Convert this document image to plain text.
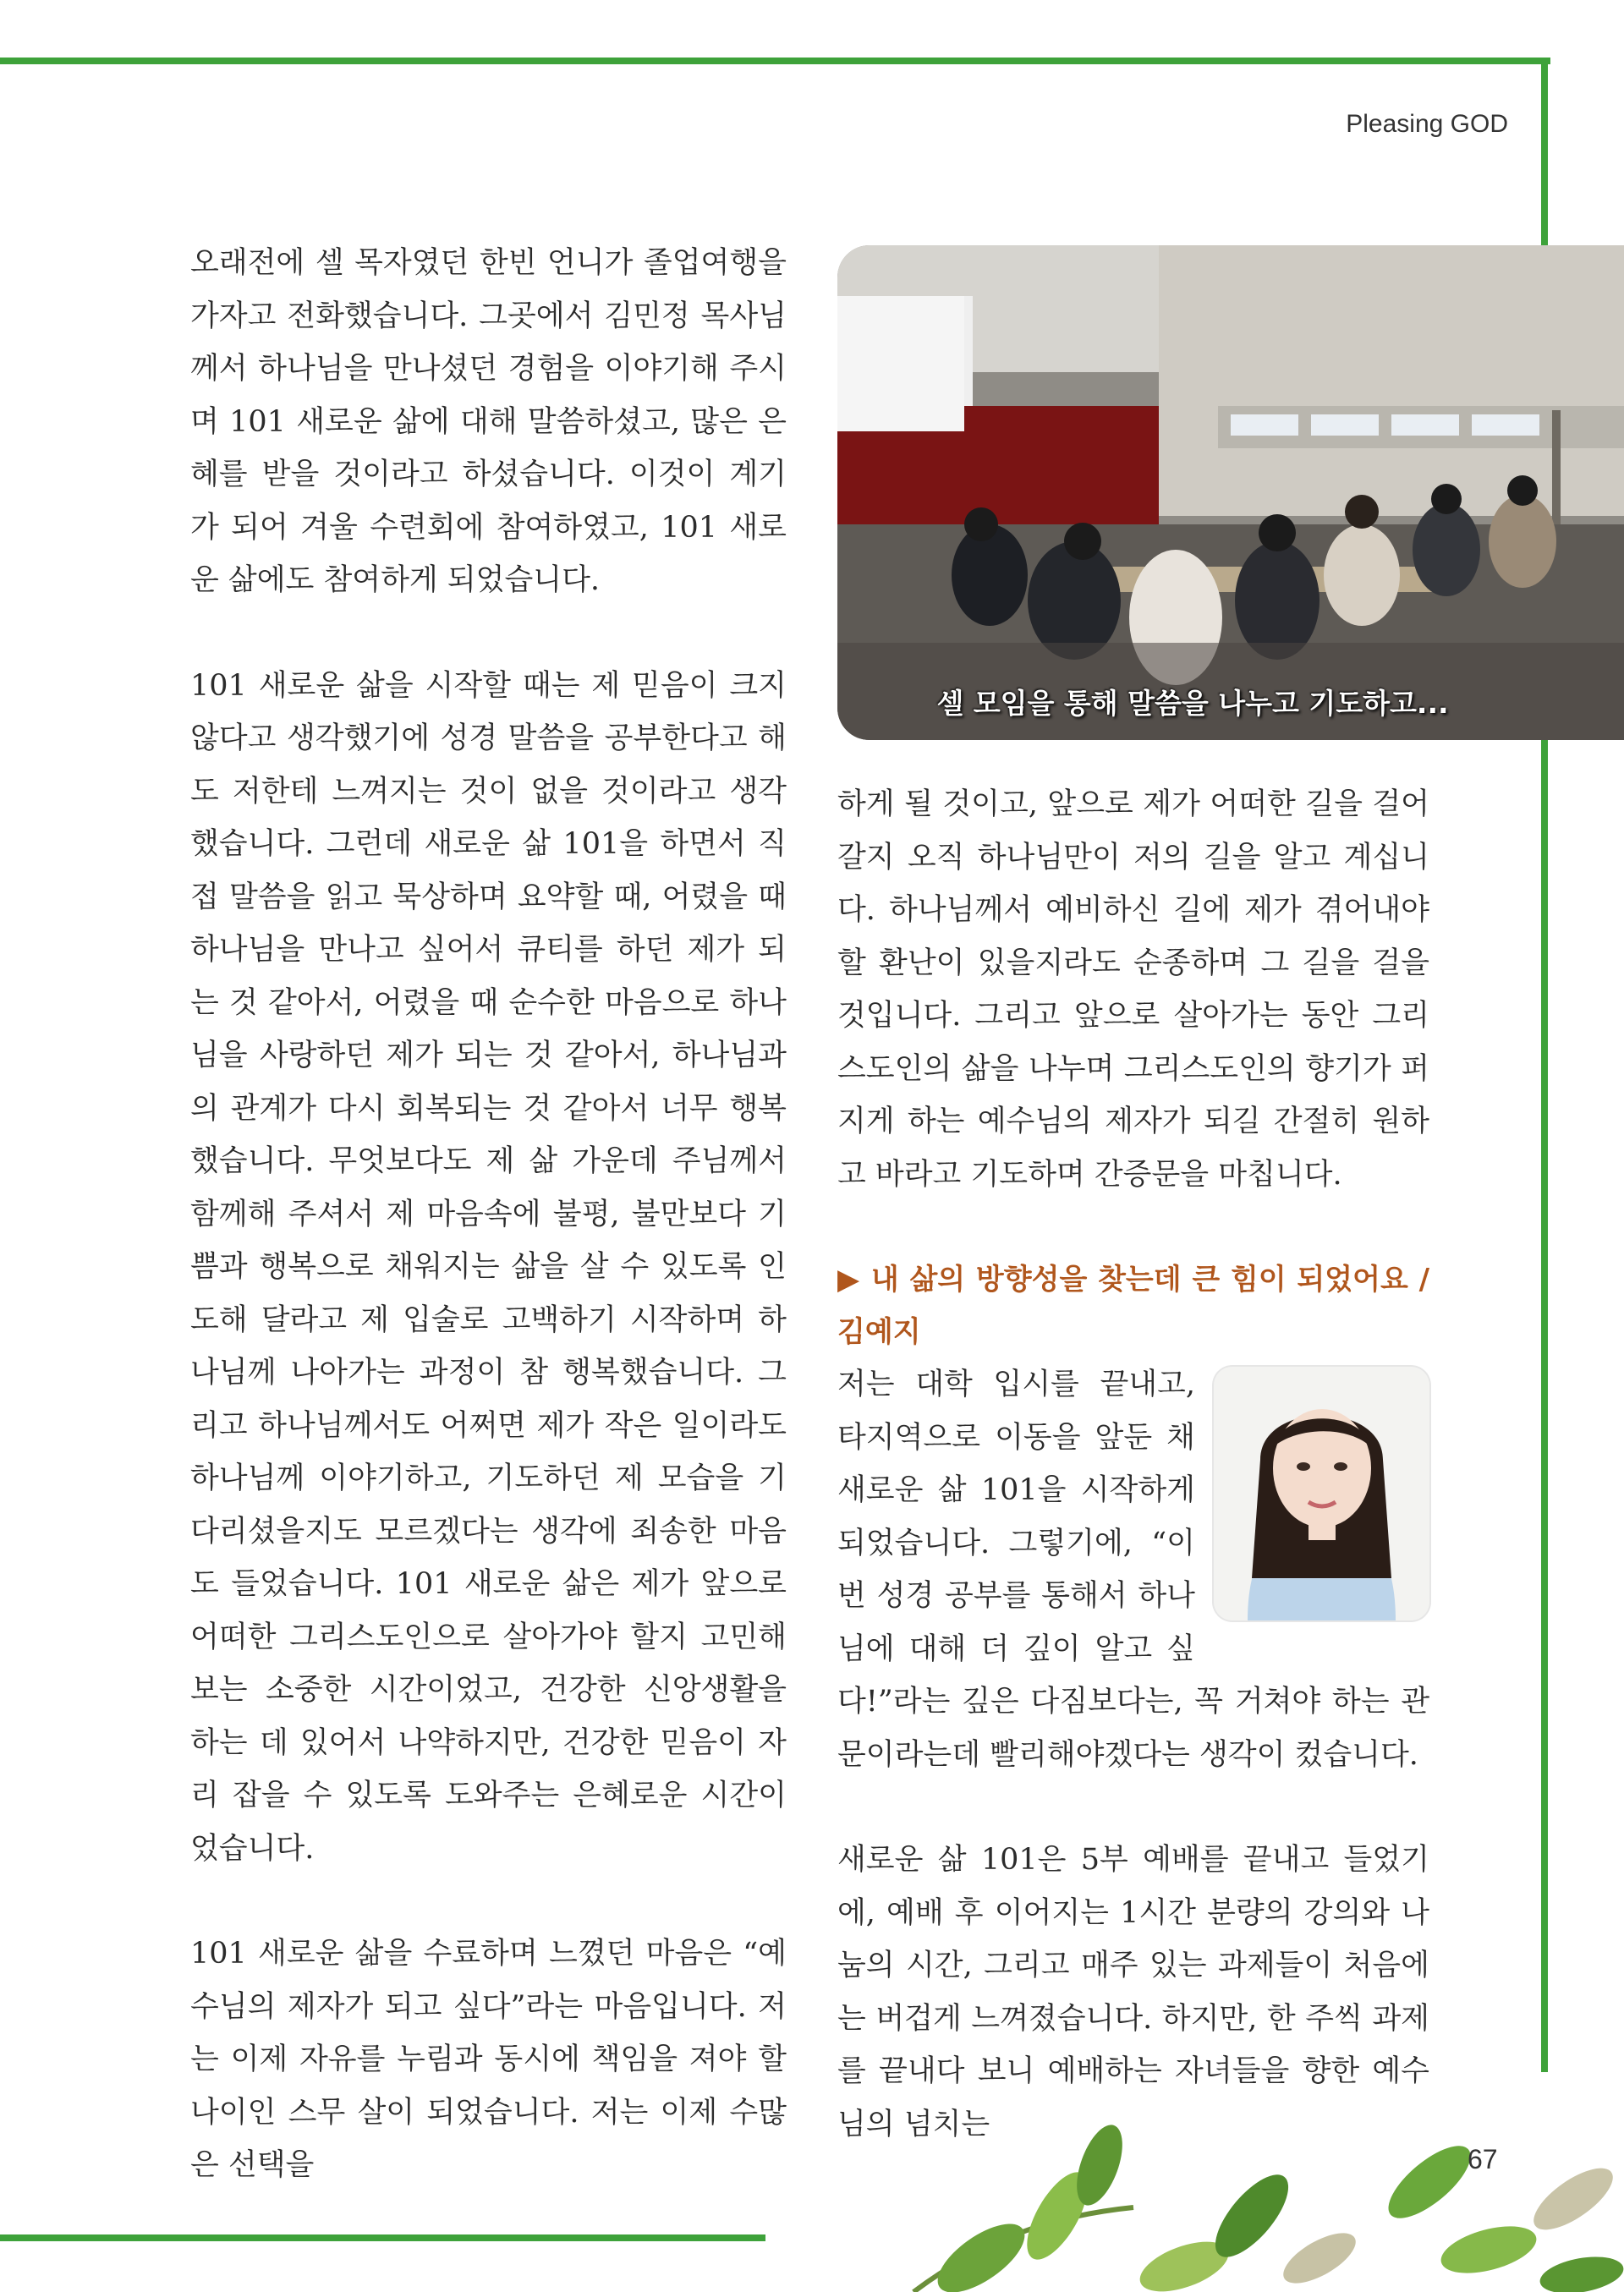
Pleasing GOD

오래전에 셀 목자였던 한빈 언니가 졸업여행을 가자고 전화했습니다. 그곳에서 김민정 목사님께서 하나님을 만나셨던 경험을 이야기해 주시며 101 새로운 삶에 대해 말씀하셨고, 많은 은혜를 받을 것이라고 하셨습니다. 이것이 계기가 되어 겨울 수련회에 참여하였고, 101 새로운 삶에도 참여하게 되었습니다.

101 새로운 삶을 시작할 때는 제 믿음이 크지 않다고 생각했기에 성경 말씀을 공부한다고 해도 저한테 느껴지는 것이 없을 것이라고 생각했습니다. 그런데 새로운 삶 101을 하면서 직접 말씀을 읽고 묵상하며 요약할 때, 어렸을 때 하나님을 만나고 싶어서 큐티를 하던 제가 되는 것 같아서, 어렸을 때 순수한 마음으로 하나님을 사랑하던 제가 되는 것 같아서, 하나님과의 관계가 다시 회복되는 것 같아서 너무 행복했습니다. 무엇보다도 제 삶 가운데 주님께서 함께해 주셔서 제 마음속에 불평, 불만보다 기쁨과 행복으로 채워지는 삶을 살 수 있도록 인도해 달라고 제 입술로 고백하기 시작하며 하나님께 나아가는 과정이 참 행복했습니다. 그리고 하나님께서도 어쩌면 제가 작은 일이라도 하나님께 이야기하고, 기도하던 제 모습을 기다리셨을지도 모르겠다는 생각에 죄송한 마음도 들었습니다. 101 새로운 삶은 제가 앞으로 어떠한 그리스도인으로 살아가야 할지 고민해 보는 소중한 시간이었고, 건강한 신앙생활을 하는 데 있어서 나약하지만, 건강한 믿음이 자리 잡을 수 있도록 도와주는 은혜로운 시간이었습니다.

101 새로운 삶을 수료하며 느꼈던 마음은 “예수님의 제자가 되고 싶다”라는 마음입니다. 저는 이제 자유를 누림과 동시에 책임을 져야 할 나이인 스무 살이 되었습니다. 저는 이제 수많은 선택을

셀 모임을 통해 말씀을 나누고 기도하고...

하게 될 것이고, 앞으로 제가 어떠한 길을 걸어갈지 오직 하나님만이 저의 길을 알고 계십니다. 하나님께서 예비하신 길에 제가 겪어내야 할 환난이 있을지라도 순종하며 그 길을 걸을 것입니다. 그리고 앞으로 살아가는 동안 그리스도인의 삶을 나누며 그리스도인의 향기가 퍼지게 하는 예수님의 제자가 되길 간절히 원하고 바라고 기도하며 간증문을 마칩니다.

▶ 내 삶의 방향성을 찾는데 큰 힘이 되었어요 / 김예지

저는 대학 입시를 끝내고, 타지역으로 이동을 앞둔 채 새로운 삶 101을 시작하게 되었습니다. 그렇기에, “이번 성경 공부를 통해서 하나님에 대해 더 깊이 알고 싶다!”라는 깊은 다짐보다는, 꼭 거쳐야 하는 관문이라는데 빨리해야겠다는 생각이 컸습니다.

새로운 삶 101은 5부 예배를 끝내고 들었기에, 예배 후 이어지는 1시간 분량의 강의와 나눔의 시간, 그리고 매주 있는 과제들이 처음에는 버겁게 느껴졌습니다. 하지만, 한 주씩 과제를 끝내다 보니 예배하는 자녀들을 향한 예수님의 넘치는

67
